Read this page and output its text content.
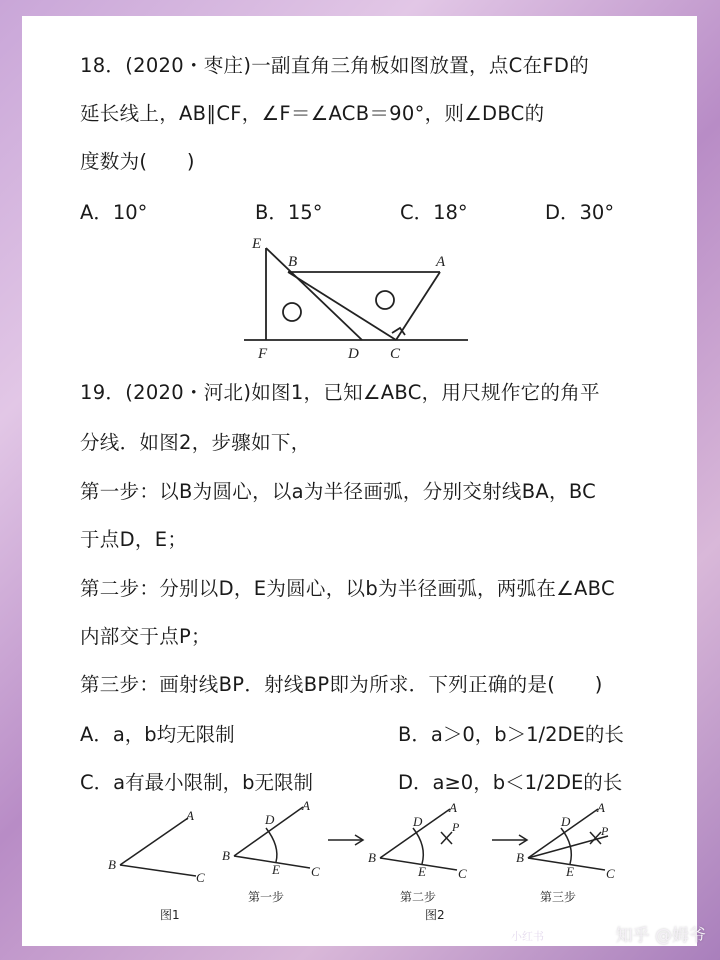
18．(2020・枣庄)一副直角三角板如图放置，点C在FD的
延长线上，AB∥CF，∠F＝∠ACB＝90°，则∠DBC的
度数为(　　)
A．10°	B．15°	C．18°	D．30°
E
B	A
F	D C
19．(2020・河北)如图1，已知∠ABC，用尺规作它的角平
分线．如图2，步骤如下，
第一步：以B为圆心，以a为半径画弧，分别交射线BA，BC
于点D，E；
第二步：分别以D，E为圆心，以b为半径画弧，两弧在∠ABC
内部交于点P；
第三步：画射线BP．射线BP即为所求．下列正确的是(　　)
A．a，b均无限制	B．a＞0，b＞1/2DE的长
C．a有最小限制，b无限制	D．a≥0，b＜1/2DE的长
A
B
C
图1
A
B
C
D
E
第一步
A
B
C
D
E
P
第二步
图2
A
B
C
D
E
P
第三步
小红书	知乎 @姆爷
